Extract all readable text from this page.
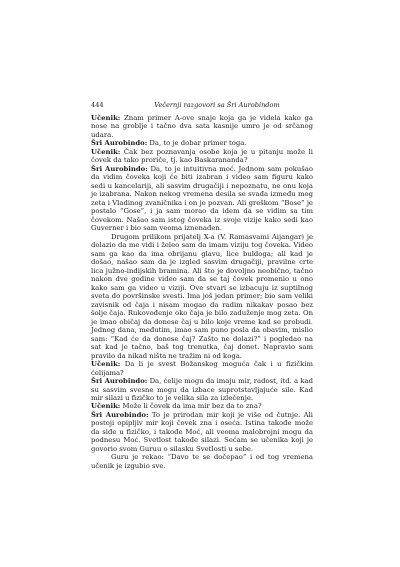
444	Večernji razgovori sa Šri Aurobindom

Učenik: Znam primer A-ove snaje koja ga je videla kako ga nose na groblje i tačno dva sata kasnije umro je od srčanog udara.

Šri Aurobindo: Da, to je dobar primer toga.

Učenik: Čak bez poznavanja osobe koja je u pitanju može li čovek da tako proriče, tj. kao Baskarananda?

Šri Aurobindo: Da, to je intuitivna moć. Jednom sam pokušao da vidim čoveka koji će biti izabran i video sam figuru kako sedi u kancelariji, ali sasvim drugačiji i nepoznatu, ne onu koja je izabrana. Nakon nekog vremena desila se svađa između mog zeta i Vladinog zvaničnika i on je pozvan. Ali greškom “Bose” je postalo “Gose”, i ja sam morao da idem da se vidim sa tim čovekom. Našao sam istog čoveka iz svoje vizije kako sedi kao Guverner i bio sam veoma iznenađen.

Drugom prilikom prijatelj X-a (V. Ramasvami Aijangar) je dolazio da me vidi i želeo sam da imam viziju tog čoveka. Video sam ga kao da ima obrijanu glavu, lice buldoga; ali kad je došao, našao sam da je izgled sasvim drugačiji, pravilne crte lica južno-indijskih bramina. Ali što je dovoljno neobično, tačno nakon dve godine video sam da se taj čovek promenio u ono kako sam ga video u viziji. Ove stvari se izbacuju iz suptilnog sveta do površinske svesti. Ima još jedan primer; bio sam veliki zavisnik od čaja i nisam mogao da radim nikakav posao bez šolje čaja. Rukovođenje oko čaja je bilo zaduženje mog zeta. On je imao običaj da donese čaj u bilo koje vreme kad se probudi. Jednog dana, međutim, imao sam puno posla da obavim, mislio sam: “Kad će da donese čaj? Zašto ne dolazi?” i pogledao na sat kad je tačno, baš tog trenutka, čaj donet. Napravio sam pravilo da nikad ništa ne tražim ni od koga.

Učenik: Da li je svest Božanskog moguća čak i u fizičkim ćelijama?

Šri Aurobindo: Da, ćelije mogu da imaju mir, radost, itd. a kad su sasvim svesne mogu da izbace suprotstavljajuće sile. Kad mir silazi u fizičko to je velika sila za izlečenje.

Učenik: Može li čovek da ima mir bez da to zna?

Šri Aurobindo: To je prirodan mir koji je više od čutnje. Ali postoji opipljiv mir koji čovek zna i oseća. Istina takođe može da siđe u fizičko, i takođe Moć, ali veoma malobrojni mogu da podnesu Moć. Svetlost takođe silazi. Sećam se učenika koji je govorio svom Guruu o silasku Svetlosti u sebe.

Guru je rekao: “Davo te se dočepao” i od tog vremena učenik je izgubio sve.
